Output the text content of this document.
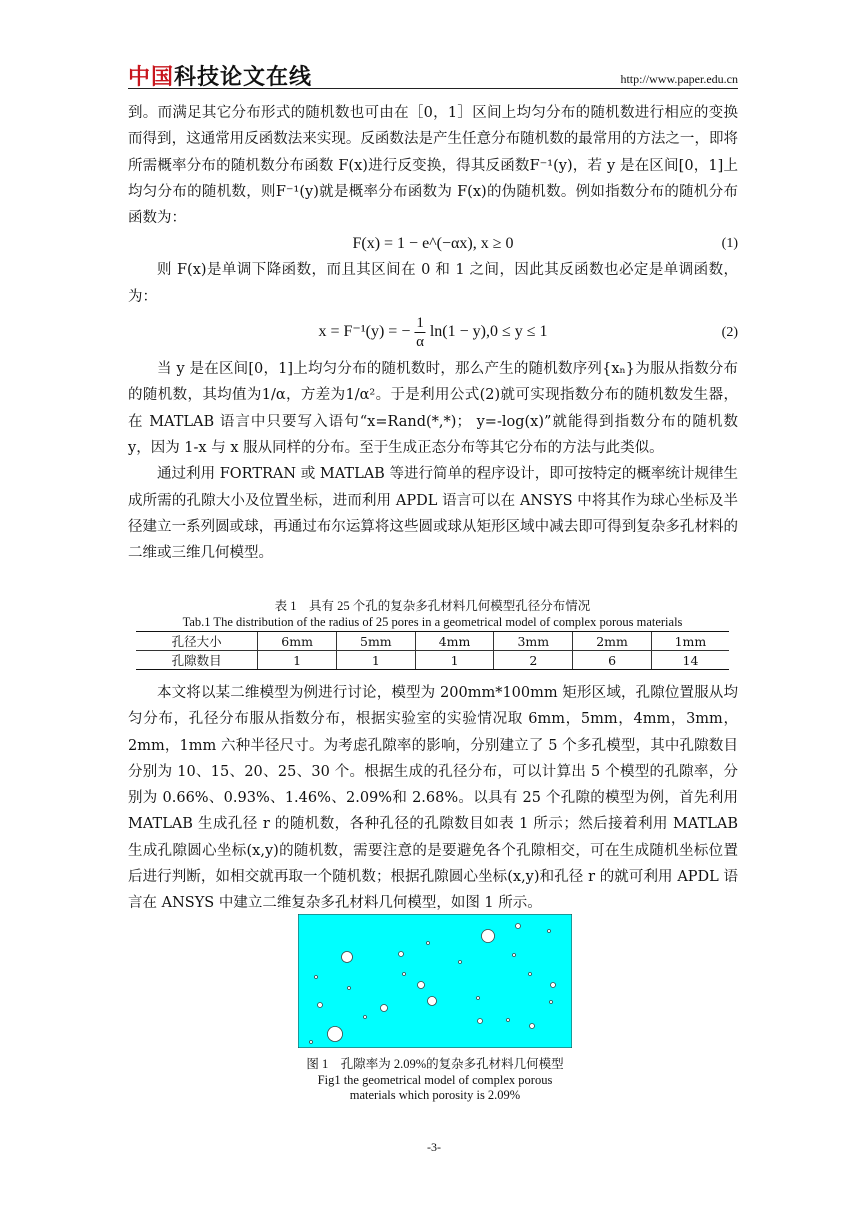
中国科技论文在线	http://www.paper.edu.cn

到。而满足其它分布形式的随机数也可由在［0，1］区间上均匀分布的随机数进行相应的变换而得到，这通常用反函数法来实现。反函数法是产生任意分布随机数的最常用的方法之一，即将所需概率分布的随机数分布函数 F(x)进行反变换，得其反函数F⁻¹(y)，若 y 是在区间[0，1]上均匀分布的随机数，则F⁻¹(y)就是概率分布函数为 F(x)的伪随机数。例如指数分布的随机分布函数为：

F(x) = 1 − e^(−αx), x ≥ 0	(1)

则 F(x)是单调下降函数，而且其区间在 0 和 1 之间，因此其反函数也必定是单调函数，为：

x = F⁻¹(y) = − $\frac{1}{\alpha} \ln(1 - y),0 \le y \le 1$	(2)

当 y 是在区间[0，1]上均匀分布的随机数时，那么产生的随机数序列{xₙ}为服从指数分布的随机数，其均值为1/α，方差为1/α²。于是利用公式(2)就可实现指数分布的随机数发生器，在 MATLAB 语言中只要写入语句“x=Rand(*,*)； y=-log(x)”就能得到指数分布的随机数 y，因为 1-x 与 x 服从同样的分布。至于生成正态分布等其它分布的方法与此类似。

通过利用 FORTRAN 或 MATLAB 等进行简单的程序设计，即可按特定的概率统计规律生成所需的孔隙大小及位置坐标，进而利用 APDL 语言可以在 ANSYS 中将其作为球心坐标及半径建立一系列圆或球，再通过布尔运算将这些圆或球从矩形区域中减去即可得到复杂多孔材料的二维或三维几何模型。

表 1　具有 25 个孔的复杂多孔材料几何模型孔径分布情况
Tab.1 The distribution of the radius of 25 pores in a geometrical model of complex porous materials
孔径大小	6mm	5mm	4mm	3mm	2mm	1mm
孔隙数目	1	1	1	2	6	14

本文将以某二维模型为例进行讨论，模型为 200mm*100mm 矩形区域，孔隙位置服从均匀分布，孔径分布服从指数分布，根据实验室的实验情况取 6mm，5mm，4mm，3mm，2mm，1mm 六种半径尺寸。为考虑孔隙率的影响，分别建立了 5 个多孔模型，其中孔隙数目分别为 10、15、20、25、30 个。根据生成的孔径分布，可以计算出 5 个模型的孔隙率，分别为 0.66%、0.93%、1.46%、2.09%和 2.68%。以具有 25 个孔隙的模型为例，首先利用 MATLAB 生成孔径 r 的随机数，各种孔径的孔隙数目如表 1 所示；然后接着利用 MATLAB 生成孔隙圆心坐标(x,y)的随机数，需要注意的是要避免各个孔隙相交，可在生成随机坐标位置后进行判断，如相交就再取一个随机数；根据孔隙圆心坐标(x,y)和孔径 r 的就可利用 APDL 语言在 ANSYS 中建立二维复杂多孔材料几何模型，如图 1 所示。

图 1　孔隙率为 2.09%的复杂多孔材料几何模型
Fig1 the geometrical model of complex porous
materials which porosity is 2.09%
-3-
